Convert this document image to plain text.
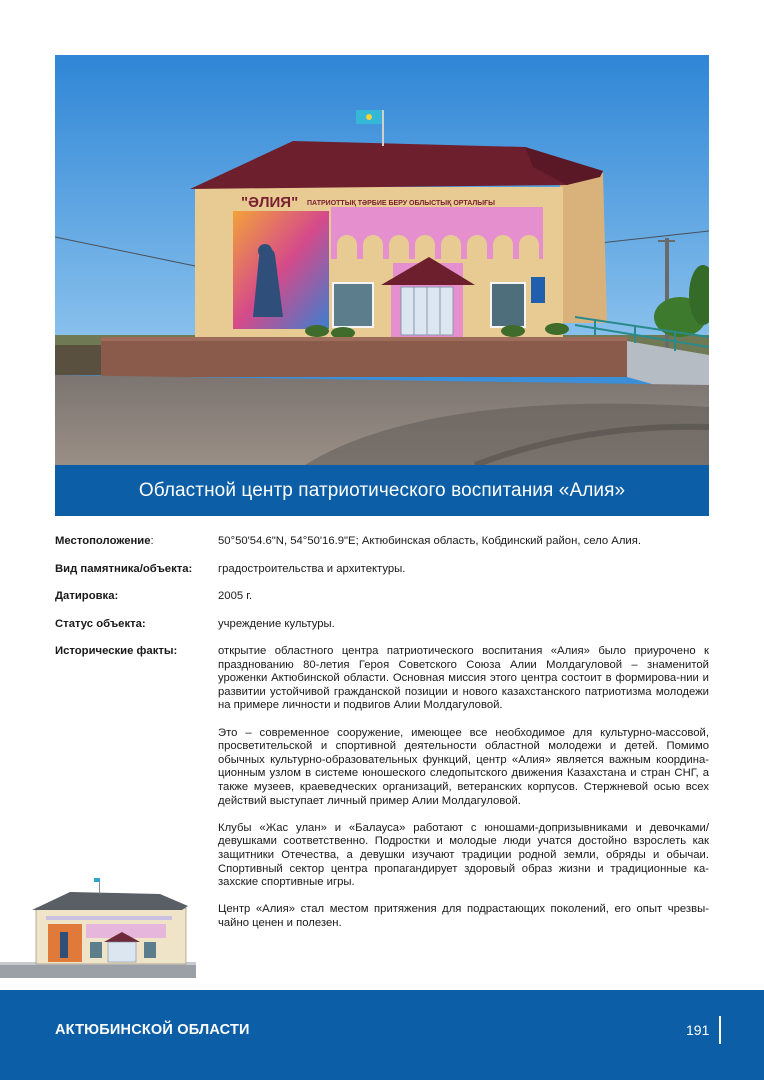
"ӘЛИЯ" ПАТРИОТТЫҚ ТӘРБИЕ БЕРУ ОБЛЫСТЫҚ ОРТАЛЫҒЫ
Областной центр патриотического воспитания «Алия»
Местоположение:	50°50'54.6"N, 54°50'16.9"E; Актюбинская область, Кобдинский район, село Алия.
Вид памятника/объекта: градостроительства и архитектуры.
Датировка:	2005 г.
Статус объекта:	учреждение культуры.
Исторические факты:	открытие областного центра патриотического воспитания «Алия» было приурочено к празднованию 80-летия Героя Советского Союза Алии Молдагуловой – знаменитой уроженки Актюбинской области. Основная миссия этого центра состоит в формирова-нии и развитии устойчивой гражданской позиции и нового казахстанского патриотизма молодежи на примере личности и подвигов Алии Молдагуловой.

Это – современное сооружение, имеющее все необходимое для культурно-массовой, просветительской и спортивной деятельности областной молодежи и детей. Помимо обычных культурно-образовательных функций, центр «Алия» является важным координа-ционным узлом в системе юношеского следопытского движения Казахстана и стран СНГ, а также музеев, краеведческих организаций, ветеранских корпусов. Стержневой осью всех действий выступает личный пример Алии Молдагуловой.

Клубы «Жас улан» и «Балауса» работают с юношами-допризывниками и девочками/девушками соответственно. Подростки и молодые люди учатся достойно взрослеть как защитники Отечества, а девушки изучают традиции родной земли, обряды и обычаи. Спортивный сектор центра пропагандирует здоровый образ жизни и традиционные ка-захские спортивные игры.

Центр «Алия» стал местом притяжения для подрастающих поколений, его опыт чрезвы-чайно ценен и полезен.

АКТЮБИНСКОЙ ОБЛАСТИ	191
